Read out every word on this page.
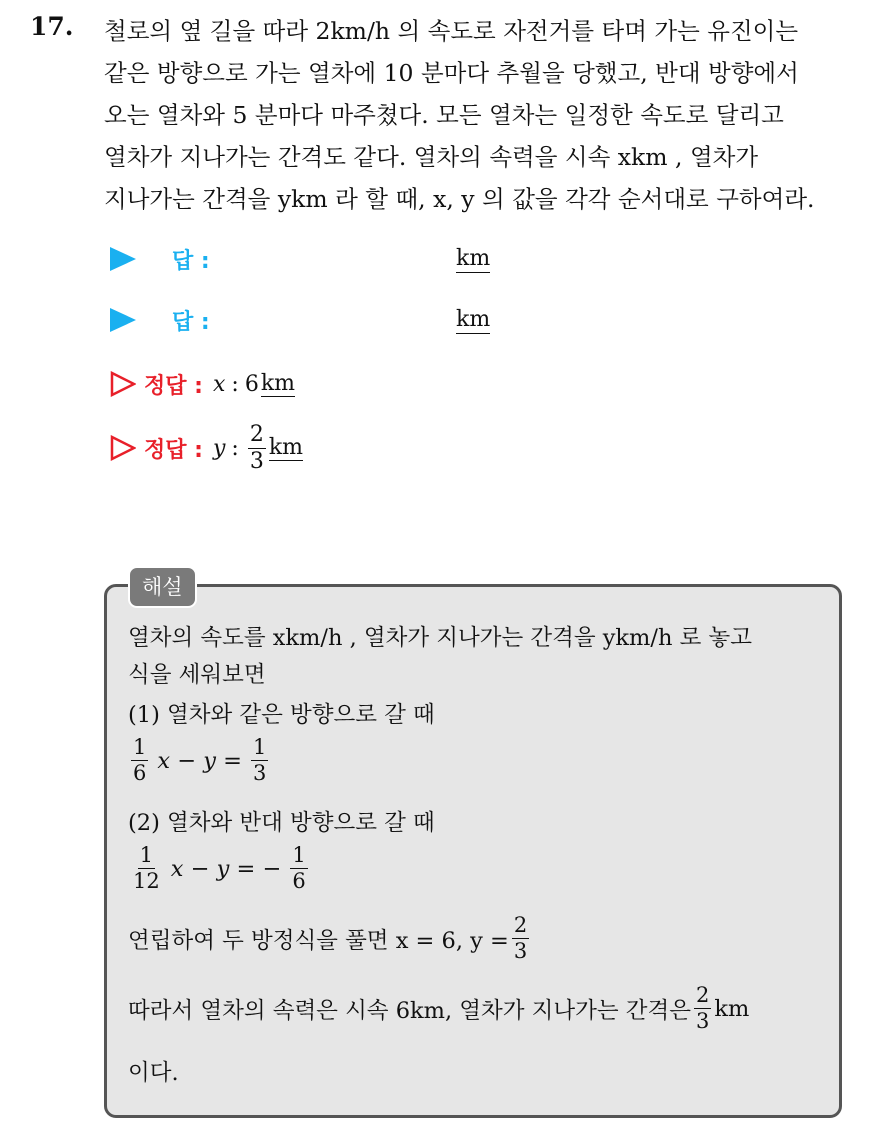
17. 철로의 옆 길을 따라 2km/h 의 속도로 자전거를 타며 가는 유진이는
같은 방향으로 가는 열차에 10 분마다 추월을 당했고, 반대 방향에서
오는 열차와 5 분마다 마주쳤다. 모든 열차는 일정한 속도로 달리고
열차가 지나가는 간격도 같다. 열차의 속력을 시속 xkm , 열차가
지나가는 간격을 ykm 라 할 때, x, y 의 값을 각각 순서대로 구하여라.
답 :	km
답 :	km
정답 : x : 6 km
정답 : y : $\frac{2}{3}$ km
해설
열차의 속도를 xkm/h , 열차가 지나가는 간격을 ykm/h 로 놓고
식을 세워보면
(1) 열차와 같은 방향으로 갈 때
$\frac{1}{6}$ $x - y = \frac{1}{3}$
(2) 열차와 반대 방향으로 갈 때
$\frac{1}{12}$ x − y = − $\frac{1}{6}$
연립하여 두 방정식을 풀면 x = 6, $y = \frac{2}{3}$
따라서 열차의 속력은 시속 6km, 열차가 지나가는 간격은 $\frac{2}{3}$ km
이다.
